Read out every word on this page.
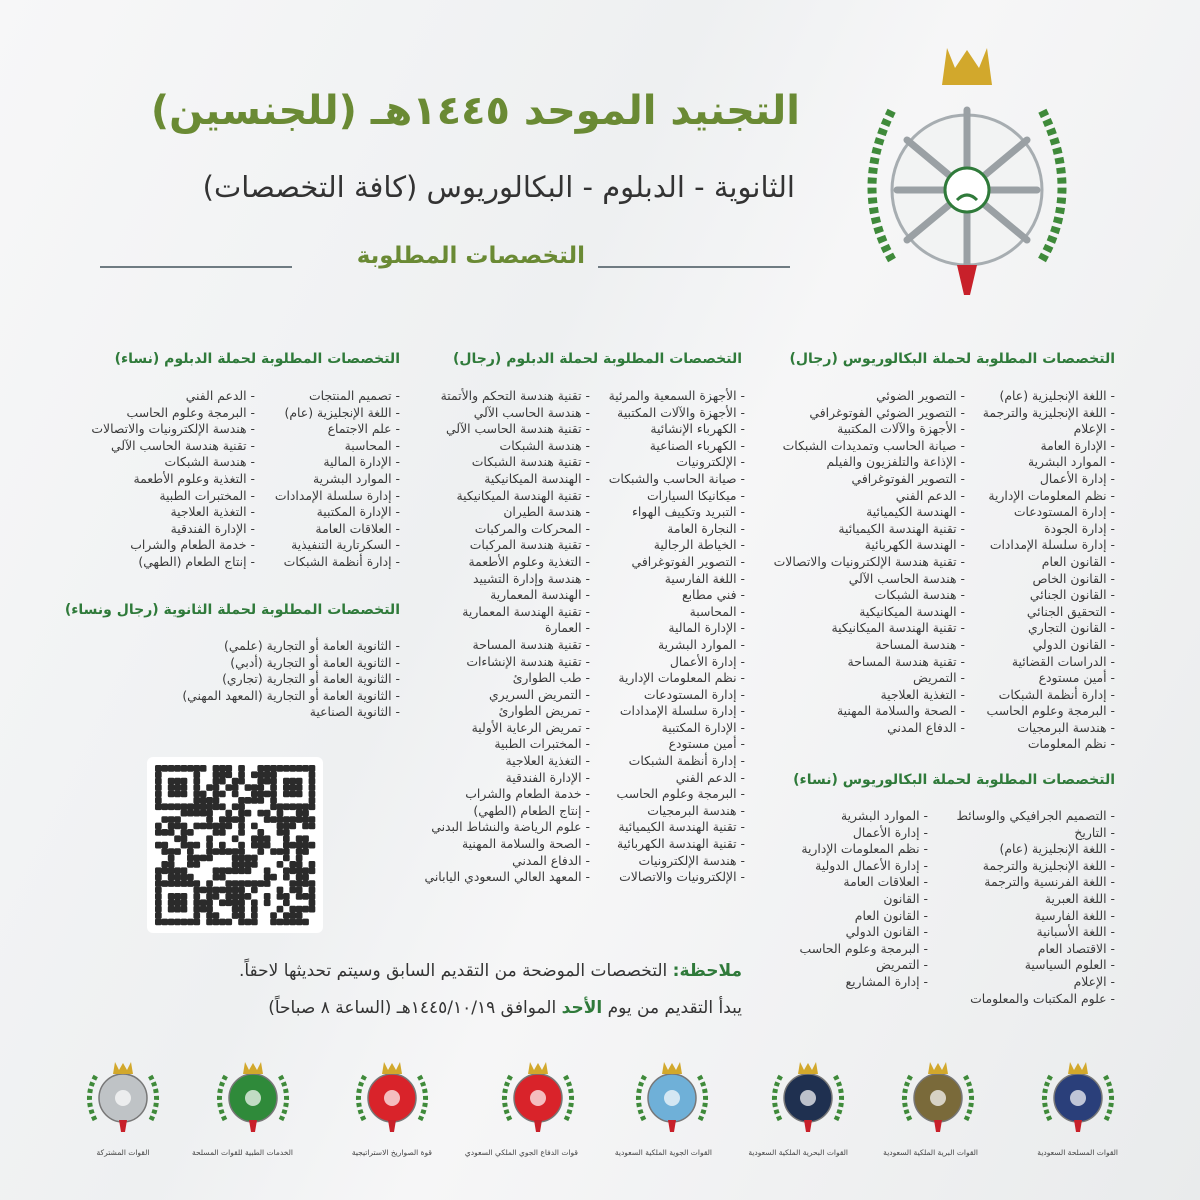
التجنيد الموحد ١٤٤٥هـ (للجنسين)
الثانوية - الدبلوم - البكالوريوس (كافة التخصصات)
التخصصات المطلوبة
التخصصات المطلوبة لحملة البكالوريوس (رجال)
- اللغة الإنجليزية (عام)
- اللغة الإنجليزية والترجمة
- الإعلام
- الإدارة العامة
- الموارد البشرية
- إدارة الأعمال
- نظم المعلومات الإدارية
- إدارة المستودعات
- إدارة الجودة
- إدارة سلسلة الإمدادات
- القانون العام
- القانون الخاص
- القانون الجنائي
- التحقيق الجنائي
- القانون التجاري
- القانون الدولي
- الدراسات القضائية
- أمين مستودع
- إدارة أنظمة الشبكات
- البرمجة وعلوم الحاسب
- هندسة البرمجيات
- نظم المعلومات
- التصوير الضوئي
- التصوير الضوئي الفوتوغرافي
- الأجهزة والآلات المكتبية
- صيانة الحاسب وتمديدات الشبكات
- الإذاعة والتلفزيون والفيلم
- التصوير الفوتوغرافي
- الدعم الفني
- الهندسة الكيميائية
- تقنية الهندسة الكيميائية
- الهندسة الكهربائية
- تقنية هندسة الإلكترونيات والاتصالات
- هندسة الحاسب الآلي
- هندسة الشبكات
- الهندسة الميكانيكية
- تقنية الهندسة الميكانيكية
- هندسة المساحة
- تقنية هندسة المساحة
- التمريض
- التغذية العلاجية
- الصحة والسلامة المهنية
- الدفاع المدني
التخصصات المطلوبة لحملة البكالوريوس (نساء)
- التصميم الجرافيكي والوسائط
- التاريخ
- اللغة الإنجليزية (عام)
- اللغة الإنجليزية والترجمة
- اللغة الفرنسية والترجمة
- اللغة العبرية
- اللغة الفارسية
- اللغة الأسبانية
- الاقتصاد العام
- العلوم السياسية
- الإعلام
- علوم المكتبات والمعلومات
- الموارد البشرية
- إدارة الأعمال
- نظم المعلومات الإدارية
- إدارة الأعمال الدولية
- العلاقات العامة
- القانون
- القانون العام
- القانون الدولي
- البرمجة وعلوم الحاسب
- التمريض
- إدارة المشاريع
التخصصات المطلوبة لحملة الدبلوم (رجال)
- الأجهزة السمعية والمرئية
- الأجهزة والآلات المكتبية
- الكهرباء الإنشائية
- الكهرباء الصناعية
- الإلكترونيات
- صيانة الحاسب والشبكات
- ميكانيكا السيارات
- التبريد وتكييف الهواء
- النجارة العامة
- الخياطة الرجالية
- التصوير الفوتوغرافي
- اللغة الفارسية
- فني مطابع
- المحاسبة
- الإدارة المالية
- الموارد البشرية
- إدارة الأعمال
- نظم المعلومات الإدارية
- إدارة المستودعات
- إدارة سلسلة الإمدادات
- الإدارة المكتبية
- أمين مستودع
- إدارة أنظمة الشبكات
- الدعم الفني
- البرمجة وعلوم الحاسب
- هندسة البرمجيات
- تقنية الهندسة الكيميائية
- تقنية الهندسة الكهربائية
- هندسة الإلكترونيات
- الإلكترونيات والاتصالات
- تقنية هندسة التحكم والأتمتة
- هندسة الحاسب الآلي
- تقنية هندسة الحاسب الآلي
- هندسة الشبكات
- تقنية هندسة الشبكات
- الهندسة الميكانيكية
- تقنية الهندسة الميكانيكية
- هندسة الطيران
- المحركات والمركبات
- تقنية هندسة المركبات
- التغذية وعلوم الأطعمة
- هندسة وإدارة التشييد
- الهندسة المعمارية
- تقنية الهندسة المعمارية
- العمارة
- تقنية هندسة المساحة
- تقنية هندسة الإنشاءات
- طب الطوارئ
- التمريض السريري
- تمريض الطوارئ
- تمريض الرعاية الأولية
- المختبرات الطبية
- التغذية العلاجية
- الإدارة الفندقية
- خدمة الطعام والشراب
- إنتاج الطعام (الطهي)
- علوم الرياضة والنشاط البدني
- الصحة والسلامة المهنية
- الدفاع المدني
- المعهد العالي السعودي الياباني
التخصصات المطلوبة لحملة الدبلوم (نساء)
- تصميم المنتجات
- اللغة الإنجليزية (عام)
- علم الاجتماع
- المحاسبة
- الإدارة المالية
- الموارد البشرية
- إدارة سلسلة الإمدادات
- الإدارة المكتبية
- العلاقات العامة
- السكرتارية التنفيذية
- إدارة أنظمة الشبكات
- الدعم الفني
- البرمجة وعلوم الحاسب
- هندسة الإلكترونيات والاتصالات
- تقنية هندسة الحاسب الآلي
- هندسة الشبكات
- التغذية وعلوم الأطعمة
- المختبرات الطبية
- التغذية العلاجية
- الإدارة الفندقية
- خدمة الطعام والشراب
- إنتاج الطعام (الطهي)
التخصصات المطلوبة لحملة الثانوية (رجال ونساء)
- الثانوية العامة أو التجارية (علمي)
- الثانوية العامة أو التجارية (أدبي)
- الثانوية العامة أو التجارية (تجاري)
- الثانوية العامة أو التجارية (المعهد المهني)
- الثانوية الصناعية
ملاحظة: التخصصات الموضحة من التقديم السابق وسيتم تحديثها لاحقاً.
يبدأ التقديم من يوم الأحد الموافق ١٤٤٥/١٠/١٩هـ (الساعة ٨ صباحاً)
القوات المسلحة السعودية
القوات البرية الملكية السعودية
القوات البحرية الملكية السعودية
القوات الجوية الملكية السعودية
قوات الدفاع الجوي الملكي السعودي
قوة الصواريخ الاستراتيجية
الخدمات الطبية للقوات المسلحة
القوات المشتركة
